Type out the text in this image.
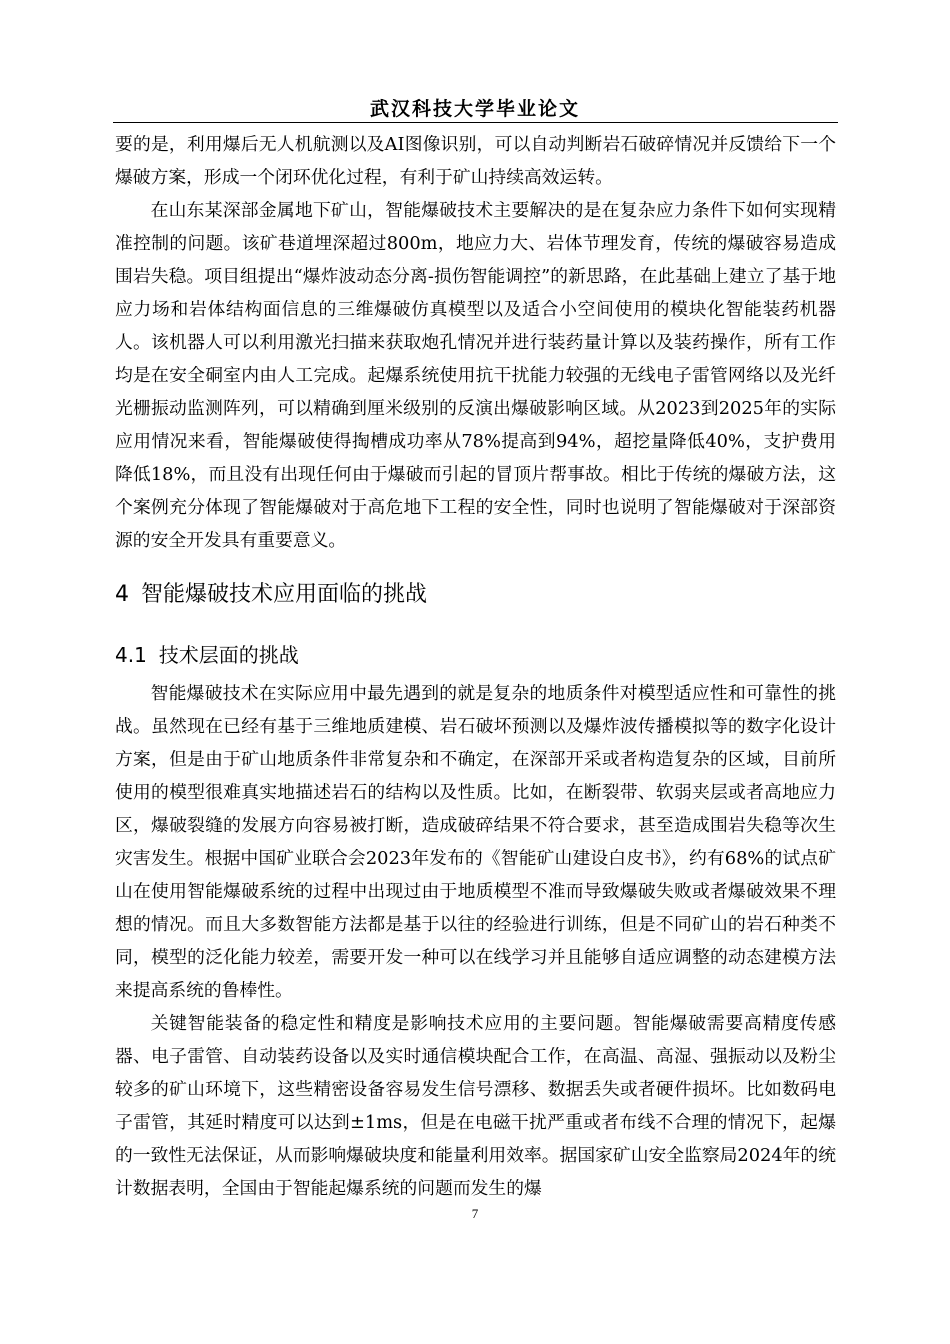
武汉科技大学毕业论文

要的是，利用爆后无人机航测以及AI图像识别，可以自动判断岩石破碎情况并反馈给下一个爆破方案，形成一个闭环优化过程，有利于矿山持续高效运转。

在山东某深部金属地下矿山，智能爆破技术主要解决的是在复杂应力条件下如何实现精准控制的问题。该矿巷道埋深超过800m，地应力大、岩体节理发育，传统的爆破容易造成围岩失稳。项目组提出“爆炸波动态分离-损伤智能调控”的新思路，在此基础上建立了基于地应力场和岩体结构面信息的三维爆破仿真模型以及适合小空间使用的模块化智能装药机器人。该机器人可以利用激光扫描来获取炮孔情况并进行装药量计算以及装药操作，所有工作均是在安全硐室内由人工完成。起爆系统使用抗干扰能力较强的无线电子雷管网络以及光纤光栅振动监测阵列，可以精确到厘米级别的反演出爆破影响区域。从2023到2025年的实际应用情况来看，智能爆破使得掏槽成功率从78%提高到94%，超挖量降低40%，支护费用降低18%，而且没有出现任何由于爆破而引起的冒顶片帮事故。相比于传统的爆破方法，这个案例充分体现了智能爆破对于高危地下工程的安全性，同时也说明了智能爆破对于深部资源的安全开发具有重要意义。

4 智能爆破技术应用面临的挑战
4.1 技术层面的挑战

智能爆破技术在实际应用中最先遇到的就是复杂的地质条件对模型适应性和可靠性的挑战。虽然现在已经有基于三维地质建模、岩石破坏预测以及爆炸波传播模拟等的数字化设计方案，但是由于矿山地质条件非常复杂和不确定，在深部开采或者构造复杂的区域，目前所使用的模型很难真实地描述岩石的结构以及性质。比如，在断裂带、软弱夹层或者高地应力区，爆破裂缝的发展方向容易被打断，造成破碎结果不符合要求，甚至造成围岩失稳等次生灾害发生。根据中国矿业联合会2023年发布的《智能矿山建设白皮书》，约有68%的试点矿山在使用智能爆破系统的过程中出现过由于地质模型不准而导致爆破失败或者爆破效果不理想的情况。而且大多数智能方法都是基于以往的经验进行训练，但是不同矿山的岩石种类不同，模型的泛化能力较差，需要开发一种可以在线学习并且能够自适应调整的动态建模方法来提高系统的鲁棒性。

关键智能装备的稳定性和精度是影响技术应用的主要问题。智能爆破需要高精度传感器、电子雷管、自动装药设备以及实时通信模块配合工作，在高温、高湿、强振动以及粉尘较多的矿山环境下，这些精密设备容易发生信号漂移、数据丢失或者硬件损坏。比如数码电子雷管，其延时精度可以达到±1ms，但是在电磁干扰严重或者布线不合理的情况下，起爆的一致性无法保证，从而影响爆破块度和能量利用效率。据国家矿山安全监察局2024年的统计数据表明，全国由于智能起爆系统的问题而发生的爆

7
